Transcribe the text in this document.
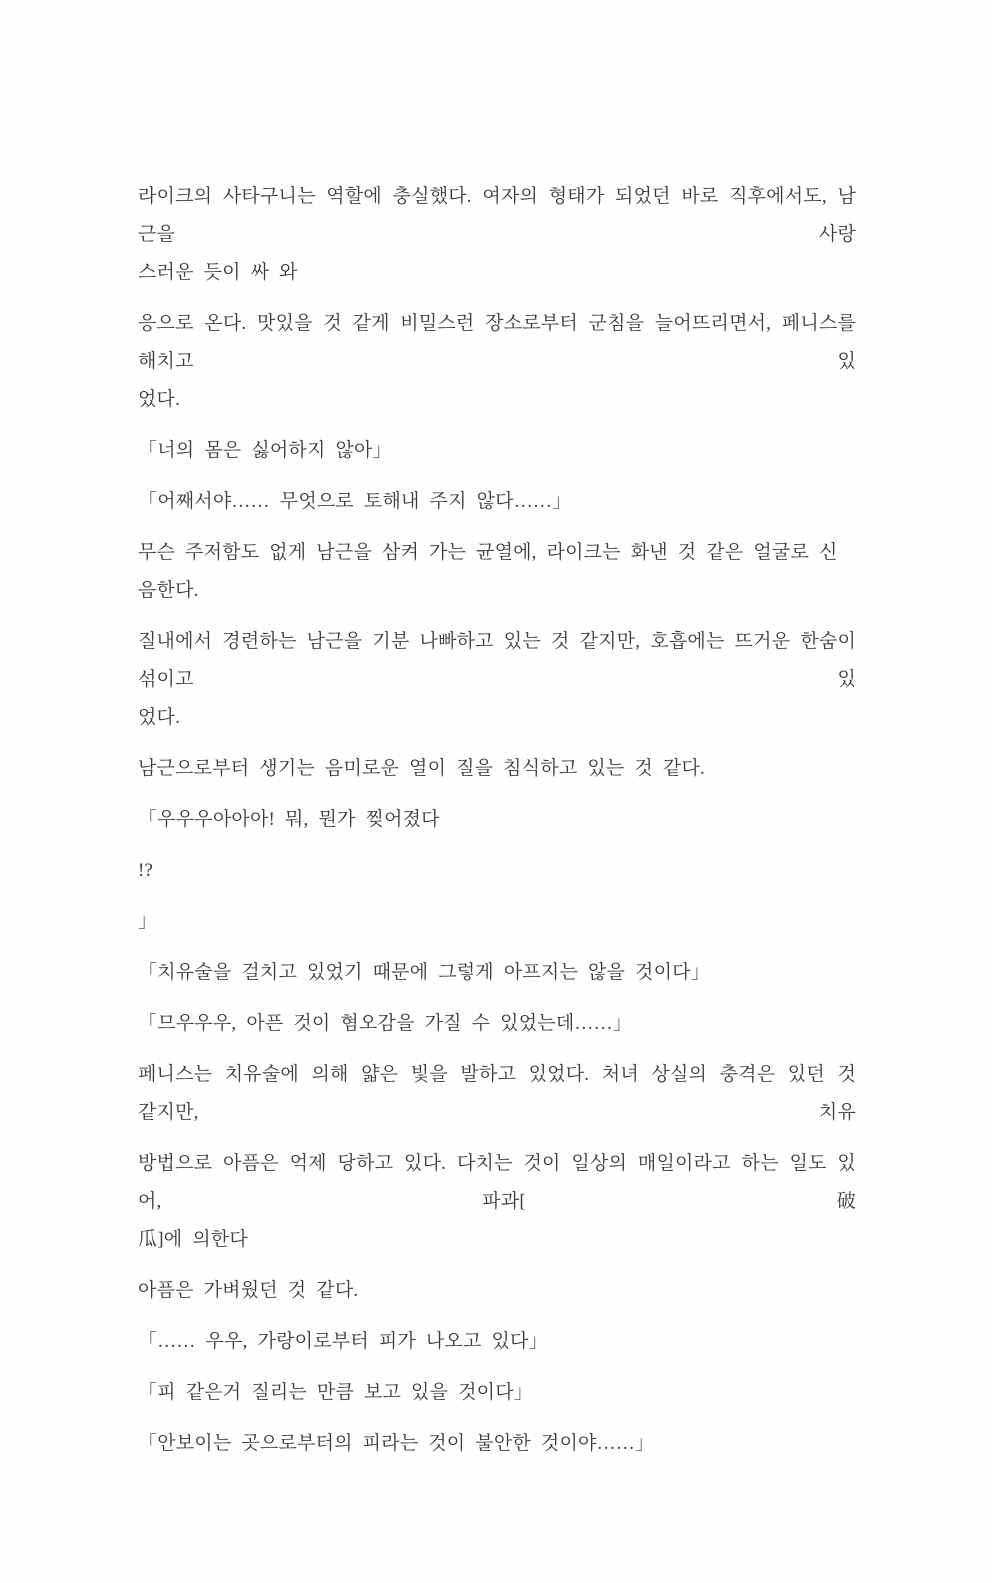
라이크의 사타구니는 역할에 충실했다. 여자의 형태가 되었던 바로 직후에서도, 남근을 사랑
스러운 듯이 싸 와
응으로 온다. 맛있을 것 같게 비밀스런 장소로부터 군침을 늘어뜨리면서, 페니스를 해치고 있
었다.
「너의 몸은 싫어하지 않아」
「어째서야…… 무엇으로 토해내 주지 않다……」
무슨 주저함도 없게 남근을 삼켜 가는 균열에, 라이크는 화낸 것 같은 얼굴로 신음한다.
질내에서 경련하는 남근을 기분 나빠하고 있는 것 같지만, 호흡에는 뜨거운 한숨이 섞이고 있
었다.
남근으로부터 생기는 음미로운 열이 질을 침식하고 있는 것 같다.
「우우우아아아! 뭐, 뭔가 찢어졌다
!?
」
「치유술을 걸치고 있었기 때문에 그렇게 아프지는 않을 것이다」
「므우우우, 아픈 것이 혐오감을 가질 수 있었는데……」
페니스는 치유술에 의해 얇은 빛을 발하고 있었다. 처녀 상실의 충격은 있던 것 같지만, 치유
방법으로 아픔은 억제 당하고 있다. 다치는 것이 일상의 매일이라고 하는 일도 있어, 파과[破
瓜]에 의한다
아픔은 가벼웠던 것 같다.
「…… 우우, 가랑이로부터 피가 나오고 있다」
「피 같은거 질리는 만큼 보고 있을 것이다」
「안보이는 곳으로부터의 피라는 것이 불안한 것이야……」
